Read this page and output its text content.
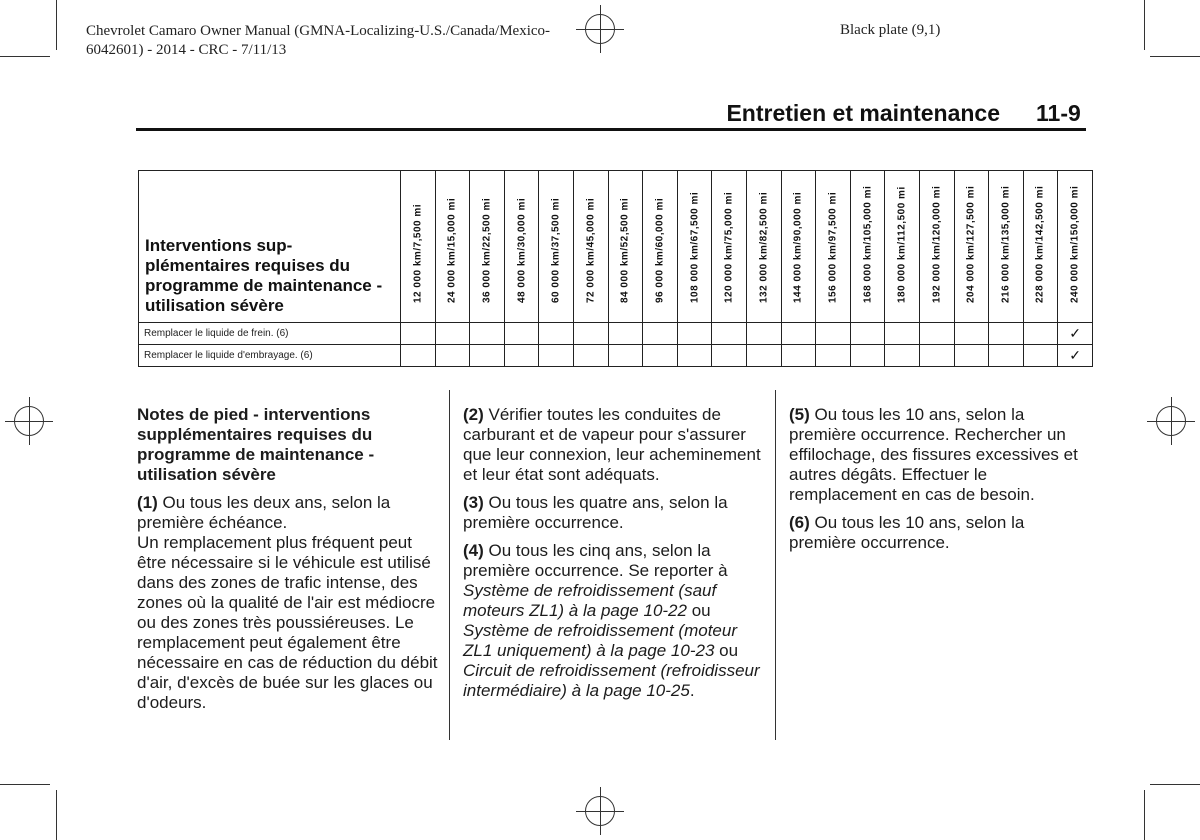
Chevrolet Camaro Owner Manual (GMNA-Localizing-U.S./Canada/Mexico-
6042601) - 2014 - CRC - 7/11/13
Black plate (9,1)
Entretien et maintenance 11-9
Interventions sup-plémentaires requises du programme de maintenance - utilisation sévère	12 000 km/7,500 mi	24 000 km/15,000 mi	36 000 km/22,500 mi	48 000 km/30,000 mi	60 000 km/37,500 mi	72 000 km/45,000 mi	84 000 km/52,500 mi	96 000 km/60,000 mi	108 000 km/67,500 mi	120 000 km/75,000 mi	132 000 km/82,500 mi	144 000 km/90,000 mi	156 000 km/97,500 mi	168 000 km/105,000 mi	180 000 km/112,500 mi	192 000 km/120,000 mi	204 000 km/127,500 mi	216 000 km/135,000 mi	228 000 km/142,500 mi	240 000 km/150,000 mi

Remplacer le liquide de frein. (6)																				✓
Remplacer le liquide d'embrayage. (6)																				✓

Notes de pied - interventions supplémentaires requises du programme de maintenance - utilisation sévère

(1) Ou tous les deux ans, selon la première échéance.
Un remplacement plus fréquent peut être nécessaire si le véhicule est utilisé dans des zones de trafic intense, des zones où la qualité de l'air est médiocre ou des zones très poussiéreuses. Le remplacement peut également être nécessaire en cas de réduction du débit d'air, d'excès de buée sur les glaces ou d'odeurs.

(2) Vérifier toutes les conduites de carburant et de vapeur pour s'assurer que leur connexion, leur acheminement et leur état sont adéquats.

(3) Ou tous les quatre ans, selon la première occurrence.

(4) Ou tous les cinq ans, selon la première occurrence. Se reporter à Système de refroidissement (sauf moteurs ZL1) à la page 10-22 ou Système de refroidissement (moteur ZL1 uniquement) à la page 10-23 ou Circuit de refroidissement (refroidisseur intermédiaire) à la page 10-25.

(5) Ou tous les 10 ans, selon la première occurrence. Rechercher un effilochage, des fissures excessives et autres dégâts. Effectuer le remplacement en cas de besoin.

(6) Ou tous les 10 ans, selon la première occurrence.
